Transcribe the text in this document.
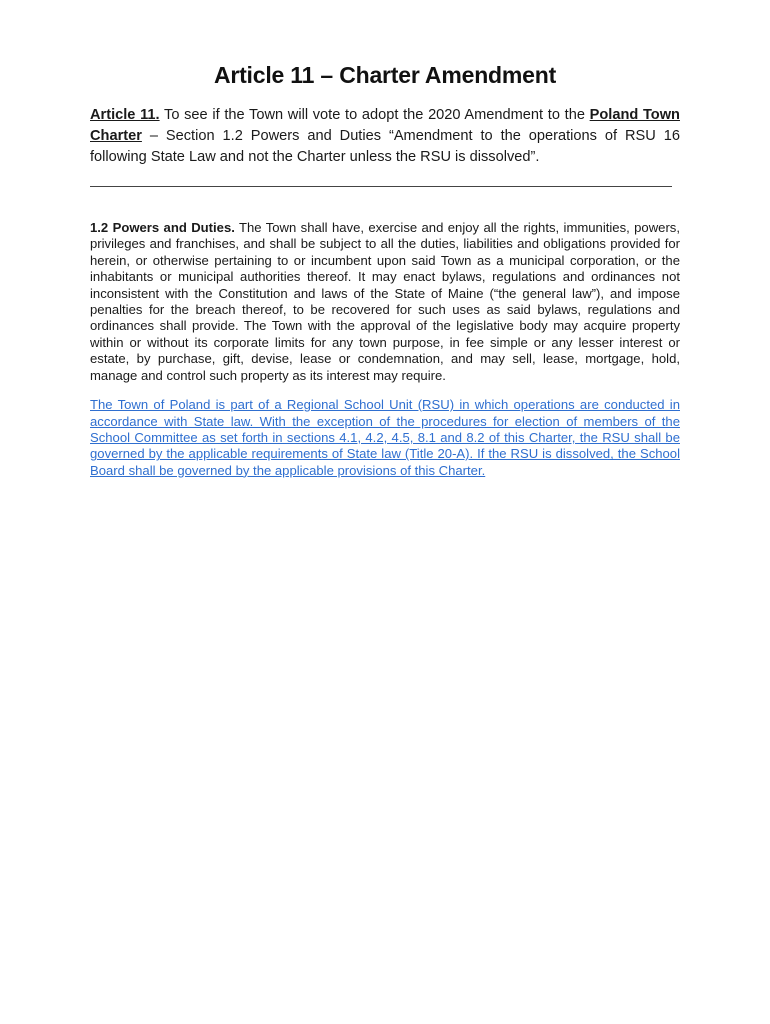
Article 11 – Charter Amendment

Article 11. To see if the Town will vote to adopt the 2020 Amendment to the Poland Town Charter – Section 1.2 Powers and Duties “Amendment to the operations of RSU 16 following State Law and not the Charter unless the RSU is dissolved”.

1.2 Powers and Duties. The Town shall have, exercise and enjoy all the rights, immunities, powers, privileges and franchises, and shall be subject to all the duties, liabilities and obligations provided for herein, or otherwise pertaining to or incumbent upon said Town as a municipal corporation, or the inhabitants or municipal authorities thereof. It may enact bylaws, regulations and ordinances not inconsistent with the Constitution and laws of the State of Maine (“the general law”), and impose penalties for the breach thereof, to be recovered for such uses as said bylaws, regulations and ordinances shall provide. The Town with the approval of the legislative body may acquire property within or without its corporate limits for any town purpose, in fee simple or any lesser interest or estate, by purchase, gift, devise, lease or condemnation, and may sell, lease, mortgage, hold, manage and control such property as its interest may require.

The Town of Poland is part of a Regional School Unit (RSU) in which operations are conducted in accordance with State law. With the exception of the procedures for election of members of the School Committee as set forth in sections 4.1, 4.2, 4.5, 8.1 and 8.2 of this Charter, the RSU shall be governed by the applicable requirements of State law (Title 20-A). If the RSU is dissolved, the School Board shall be governed by the applicable provisions of this Charter.
